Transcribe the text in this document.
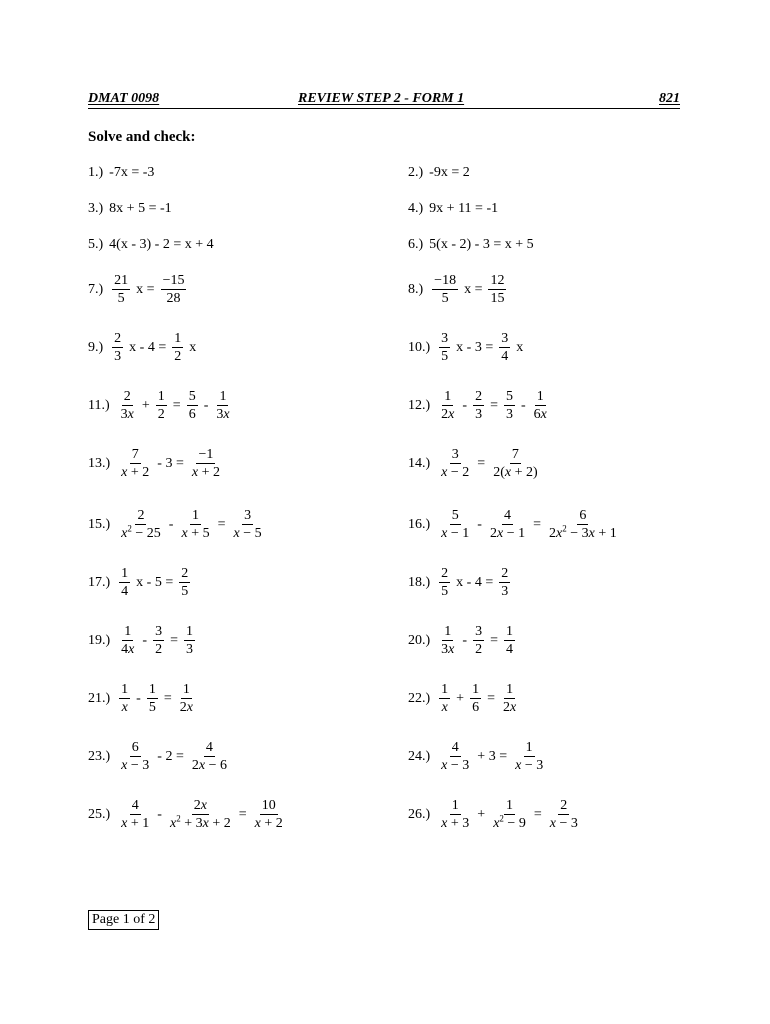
DMAT 0098	REVIEW STEP 2 - FORM 1	821
Solve and check:
1.) -7x = -3	2.) -9x = 2
3.) 8x + 5 = -1	4.) 9x + 11 = -1
5.) 4(x - 3) - 2 = x + 4	6.) 5(x - 2) - 3 = x + 5
$7.) \frac{21}{5}$ $x = \frac{-15}{28}$	$8.) \frac{-18}{5}$ $x = \frac{12}{15}$
$9.) \frac{2}{3}$ $x - 4 = \frac{1}{2}$ x	$10.) \frac{3}{5}$ $x - 3 = \frac{3}{4}$ x
$11.) \frac{2}{3x} + \frac{1}{2} = \frac{5}{6} - \frac{1}{3x}$	$12.) \frac{1}{2x} - \frac{2}{3} = \frac{5}{3} - \frac{1}{6x}$
$13.) \frac{7}{x + 2} - 3 = \frac{-1}{x + 2}$	$14.) \frac{3}{x - 2} = \frac{7}{2(x + 2)}$
$15.) \frac{2}{x^2 - 25} - \frac{1}{x + 5} = \frac{3}{x - 5}$	$16.) \frac{5}{x - 1} - \frac{4}{2x - 1} = \frac{6}{2x^2 - 3x + 1}$
$17.) \frac{1}{4}$ $x - 5 = \frac{2}{5}$	$18.) \frac{2}{5}$ $x - 4 = \frac{2}{3}$
$19.) \frac{1}{4x} - \frac{3}{2} = \frac{1}{3}$	$20.) \frac{1}{3x} - \frac{3}{2} = \frac{1}{4}$
$21.) \frac{1}{x} - \frac{1}{5} = \frac{1}{2x}$	$22.) \frac{1}{x} + \frac{1}{6} = \frac{1}{2x}$
$23.) \frac{6}{x - 3} - 2 = \frac{4}{2x - 6}$	$24.) \frac{4}{x - 3} + 3 = \frac{1}{x - 3}$
$25.) \frac{4}{x + 1} - \frac{2x}{x^2 + 3x + 2} = \frac{10}{x + 2}$	$26.) \frac{1}{x + 3} + \frac{1}{x^2 - 9} = \frac{2}{x - 3}$
Page 1 of 2
